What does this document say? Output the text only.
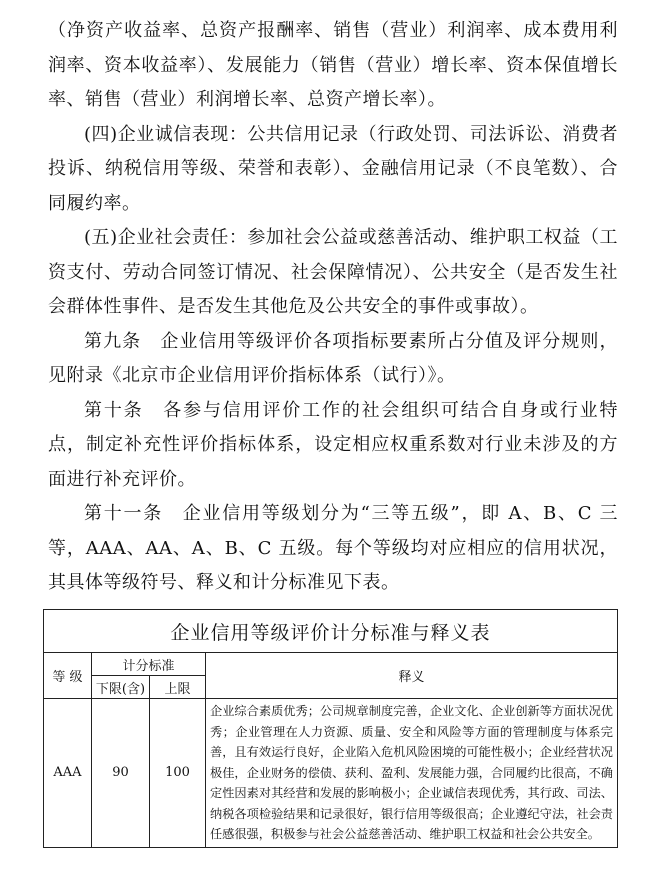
（净资产收益率、总资产报酬率、销售（营业）利润率、成本费用利润率、资本收益率）、发展能力（销售（营业）增长率、资本保值增长率、销售（营业）利润增长率、总资产增长率）。

(四)企业诚信表现：公共信用记录（行政处罚、司法诉讼、消费者投诉、纳税信用等级、荣誉和表彰）、金融信用记录（不良笔数）、合同履约率。

(五)企业社会责任：参加社会公益或慈善活动、维护职工权益（工资支付、劳动合同签订情况、社会保障情况）、公共安全（是否发生社会群体性事件、是否发生其他危及公共安全的事件或事故）。

第九条　企业信用等级评价各项指标要素所占分值及评分规则，见附录《北京市企业信用评价指标体系（试行）》。

第十条　各参与信用评价工作的社会组织可结合自身或行业特点，制定补充性评价指标体系，设定相应权重系数对行业未涉及的方面进行补充评价。

第十一条　企业信用等级划分为“三等五级”，即 A、B、C 三等，AAA、AA、A、B、C 五级。每个等级均对应相应的信用状况，其具体等级符号、释义和计分标准见下表。

企业信用等级评价计分标准与释义表			
等 级	计分标准		释义
	下限(含)	上限	
AAA	90	100	企业综合素质优秀；公司规章制度完善，企业文化、企业创新等方面状况优秀；企业管理在人力资源、质量、安全和风险等方面的管理制度与体系完善，且有效运行良好，企业陷入危机风险困境的可能性极小；企业经营状况极佳，企业财务的偿债、获利、盈利、发展能力强，合同履约比很高，不确定性因素对其经营和发展的影响极小；企业诚信表现优秀，其行政、司法、纳税各项检验结果和记录很好，银行信用等级很高；企业遵纪守法，社会责任感很强，积极参与社会公益慈善活动、维护职工权益和社会公共安全。
